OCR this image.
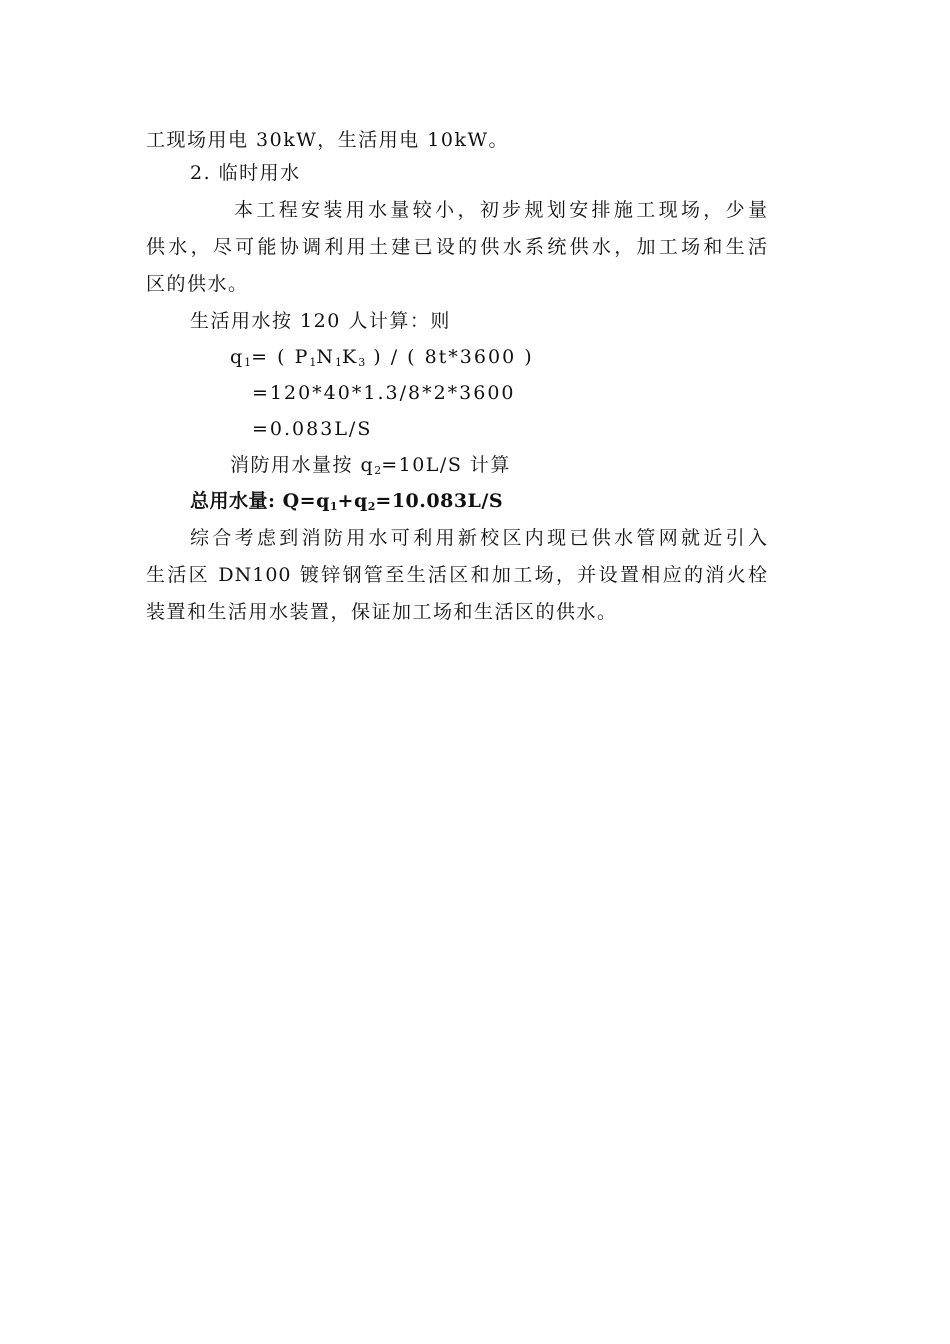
工现场用电 30kW，生活用电 10kW。
2. 临时用水
本工程安装用水量较小，初步规划安排施工现场，少量
供水，尽可能协调利用土建已设的供水系统供水，加工场和生活
区的供水。
生活用水按 120 人计算：则
$q_1=$ ( $P_1N_1K_3$ ) / ( 8t*3600 )
=120*40*1.3/8*2*3600
=0.083L/S
消防用水量按 $q_2=10L/S$ 计算
总用水量: $Q=q_1+q_2=10.083L/S$
综合考虑到消防用水可利用新校区内现已供水管网就近引入
生活区 DN100 镀锌钢管至生活区和加工场，并设置相应的消火栓
装置和生活用水装置，保证加工场和生活区的供水。
